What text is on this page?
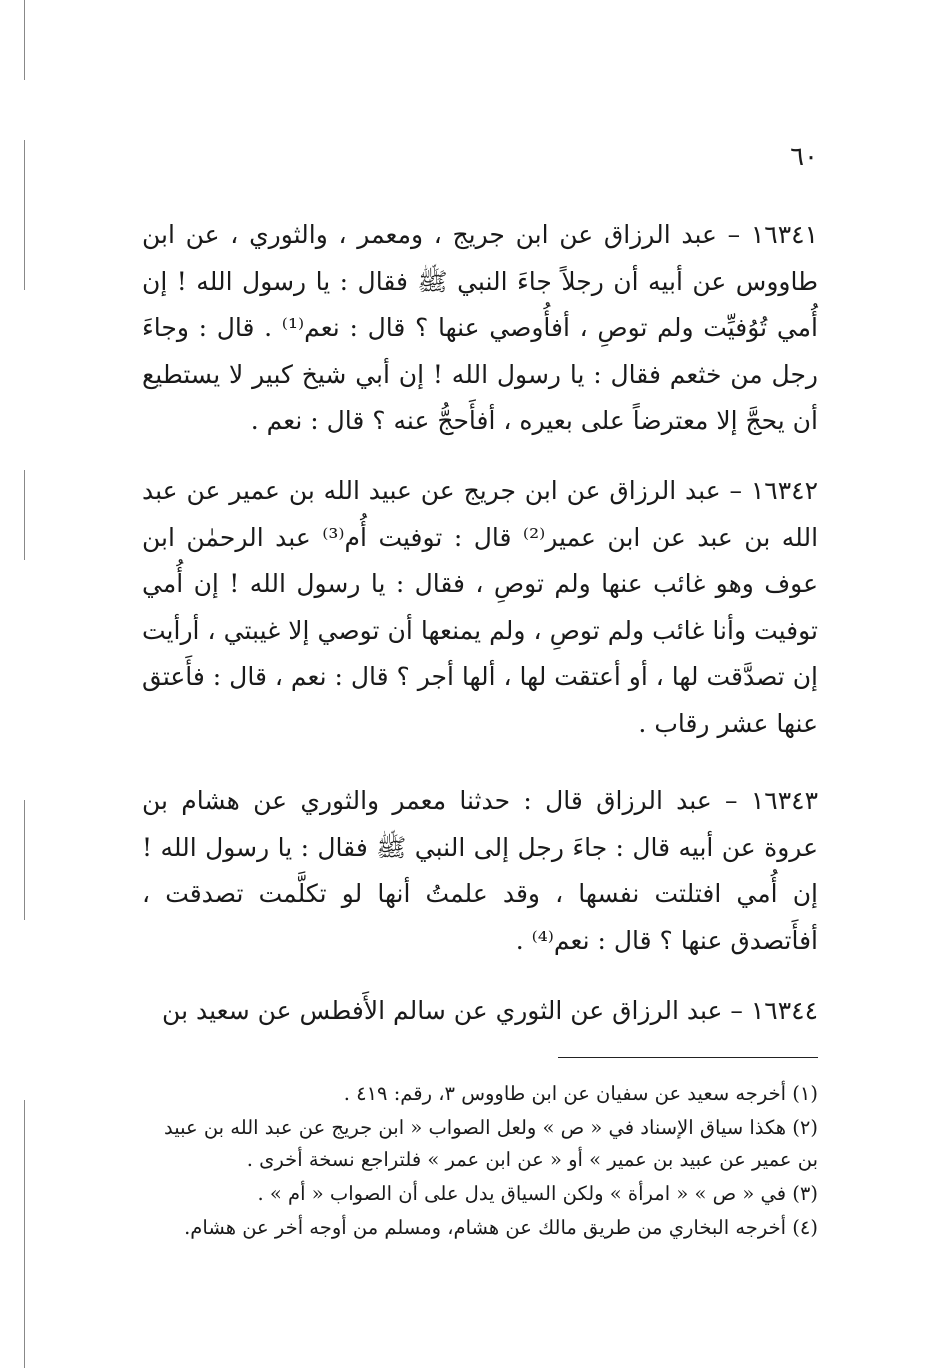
٦٠

١٦٣٤١ – عبد الرزاق عن ابن جريج ، ومعمر ، والثوري ، عن ابن طاووس عن أبيه أن رجلاً جاءَ النبي ﷺ فقال : يا رسول الله ! إن أُمي تُوُفيِّت ولم توصِ ، أفأُوصي عنها ؟ قال : نعم⁽¹⁾ . قال : وجاءَ رجل من خثعم فقال : يا رسول الله ! إن أبي شيخ كبير لا يستطيع أن يحجَّ إلا معترضاً على بعيره ، أفأَحجُّ عنه ؟ قال : نعم .

١٦٣٤٢ – عبد الرزاق عن ابن جريج عن عبيد الله بن عمير عن عبد الله بن عبد عن ابن عمير⁽²⁾ قال : توفيت أُم⁽³⁾ عبد الرحمٰن ابن عوف وهو غائب عنها ولم توصِ ، فقال : يا رسول الله ! إن أُمي توفيت وأنا غائب ولم توصِ ، ولم يمنعها أن توصي إلا غيبتي ، أرأيت إن تصدَّقت لها ، أو أعتقت لها ، ألها أجر ؟ قال : نعم ، قال : فأَعتق عنها عشر رقاب .

١٦٣٤٣ – عبد الرزاق قال : حدثنا معمر والثوري عن هشام بن عروة عن أبيه قال : جاءَ رجل إلى النبي ﷺ فقال : يا رسول الله ! إن أُمي افتلتت نفسها ، وقد علمتُ أنها لو تكلَّمت تصدقت ، أفأَتصدق عنها ؟ قال : نعم⁽⁴⁾ .

١٦٣٤٤ – عبد الرزاق عن الثوري عن سالم الأَفطس عن سعيد بن

(١) أخرجه سعيد عن سفيان عن ابن طاووس ٣، رقم: ٤١٩ .

(٢) هكذا سياق الإسناد في « ص » ولعل الصواب « ابن جريج عن عبد الله بن عبيد بن عمير عن عبيد بن عمير » أو « عن ابن عمر » فلتراجع نسخة أخرى .

(٣) في « ص » « امرأة » ولكن السياق يدل على أن الصواب « أم » .

(٤) أخرجه البخاري من طريق مالك عن هشام، ومسلم من أوجه أخر عن هشام.
